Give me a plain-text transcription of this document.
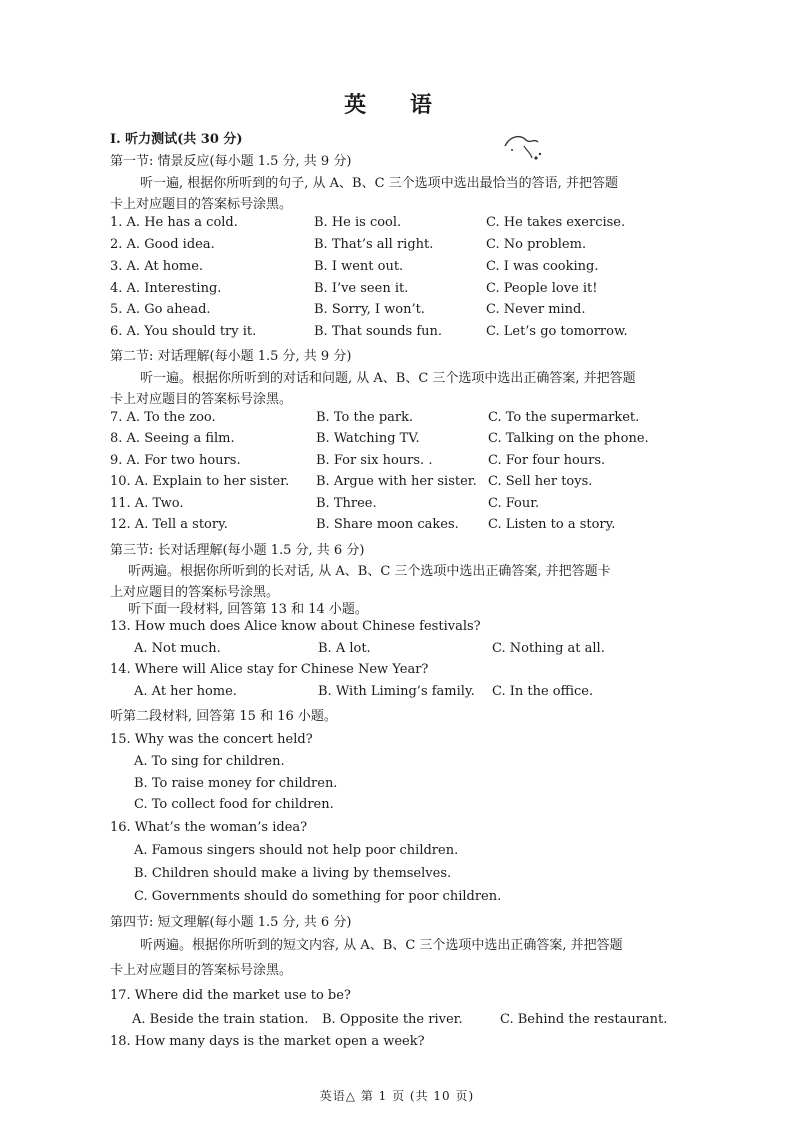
英 语
I. 听力测试(共 30 分)
第一节: 情景反应(每小题 1.5 分, 共 9 分)
听一遍, 根据你所听到的句子, 从 A、B、C 三个选项中选出最恰当的答语, 并把答题
卡上对应题目的答案标号涂黑。
1. A. He has a cold.	B. He is cool.	C. He takes exercise.
2. A. Good idea.	B. That’s all right.	C. No problem.
3. A. At home.	B. I went out.	C. I was cooking.
4. A. Interesting.	B. I’ve seen it.	C. People love it!
5. A. Go ahead.	B. Sorry, I won’t.	C. Never mind.
6. A. You should try it.	B. That sounds fun.	C. Let’s go tomorrow.
第二节: 对话理解(每小题 1.5 分, 共 9 分)
听一遍。根据你所听到的对话和问题, 从 A、B、C 三个选项中选出正确答案, 并把答题
卡上对应题目的答案标号涂黑。
7. A. To the zoo.	B. To the park.	C. To the supermarket.
8. A. Seeing a film.	B. Watching TV.	C. Talking on the phone.
9. A. For two hours.	B. For six hours. .	C. For four hours.
10. A. Explain to her sister. B. Argue with her sister. C. Sell her toys.
11. A. Two.	B. Three.	C. Four.
12. A. Tell a story.	B. Share moon cakes. C. Listen to a story.
第三节: 长对话理解(每小题 1.5 分, 共 6 分)
听两遍。根据你所听到的长对话, 从 A、B、C 三个选项中选出正确答案, 并把答题卡
上对应题目的答案标号涂黑。
听下面一段材料, 回答第 13 和 14 小题。
13. How much does Alice know about Chinese festivals?
A. Not much.	B. A lot.	C. Nothing at all.
14. Where will Alice stay for Chinese New Year?
A. At her home.	B. With Liming’s family. C. In the office.
听第二段材料, 回答第 15 和 16 小题。
15. Why was the concert held?
A. To sing for children.
B. To raise money for children.
C. To collect food for children.
16. What’s the woman’s idea?
A. Famous singers should not help poor children.
B. Children should make a living by themselves.
C. Governments should do something for poor children.
第四节: 短文理解(每小题 1.5 分, 共 6 分)
听两遍。根据你所听到的短文内容, 从 A、B、C 三个选项中选出正确答案, 并把答题
卡上对应题目的答案标号涂黑。
17. Where did the market use to be?
A. Beside the train station. B. Opposite the river.	C. Behind the restaurant.
18. How many days is the market open a week?
英语△ 第 1 页 (共 10 页)
